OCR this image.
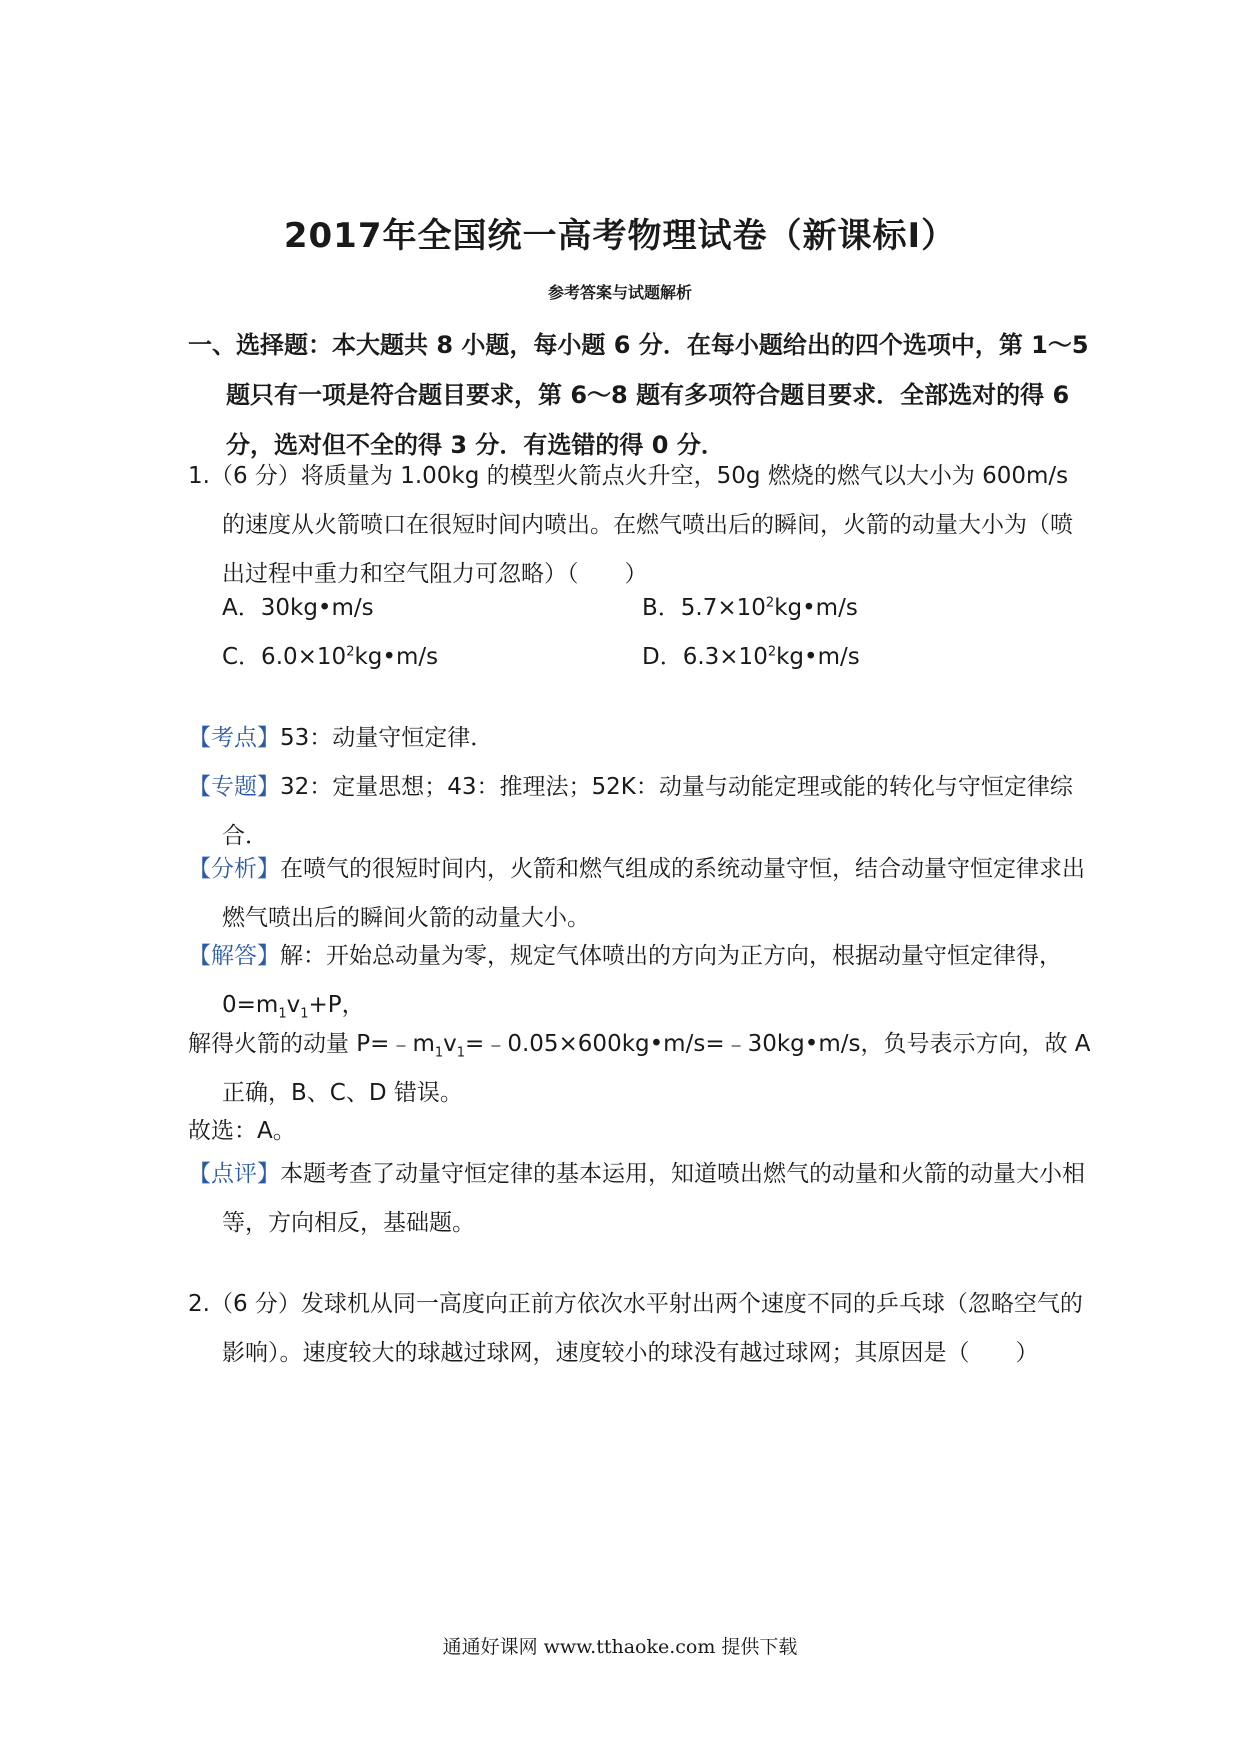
2017年全国统一高考物理试卷（新课标Ⅰ）
参考答案与试题解析
一、选择题：本大题共 8 小题，每小题 6 分．在每小题给出的四个选项中，第 1～5 题只有一项是符合题目要求，第 6～8 题有多项符合题目要求．全部选对的得 6 分，选对但不全的得 3 分．有选错的得 0 分．
1.（6 分）将质量为 1.00kg 的模型火箭点火升空，50g 燃烧的燃气以大小为 600m/s 的速度从火箭喷口在很短时间内喷出。在燃气喷出后的瞬间，火箭的动量大小为（喷出过程中重力和空气阻力可忽略）（　　）
A．30kg•m/s	B．$5.7\times 10^2kg•m/s$
C．$6.0\times 10^2kg•m/s$	D．$6.3\times 10^2kg•m/s$
【考点】53：动量守恒定律．
【专题】32：定量思想；43：推理法；52K：动量与动能定理或能的转化与守恒定律综合．
【分析】在喷气的很短时间内，火箭和燃气组成的系统动量守恒，结合动量守恒定律求出燃气喷出后的瞬间火箭的动量大小。
【解答】解：开始总动量为零，规定气体喷出的方向为正方向，根据动量守恒定律得，$0=m_1v_1+P$，
解得火箭的动量 $P=﹣m_1v_1=﹣0.05\times 600kg•m/s=﹣30kg•m/s$，负号表示方向，故 A 正确，B、C、D 错误。
故选：A。
【点评】本题考查了动量守恒定律的基本运用，知道喷出燃气的动量和火箭的动量大小相等，方向相反，基础题。
2.（6 分）发球机从同一高度向正前方依次水平射出两个速度不同的乒乓球（忽略空气的影响）。速度较大的球越过球网，速度较小的球没有越过球网；其原因是（　　）
通通好课网 www.tthaoke.com 提供下载
